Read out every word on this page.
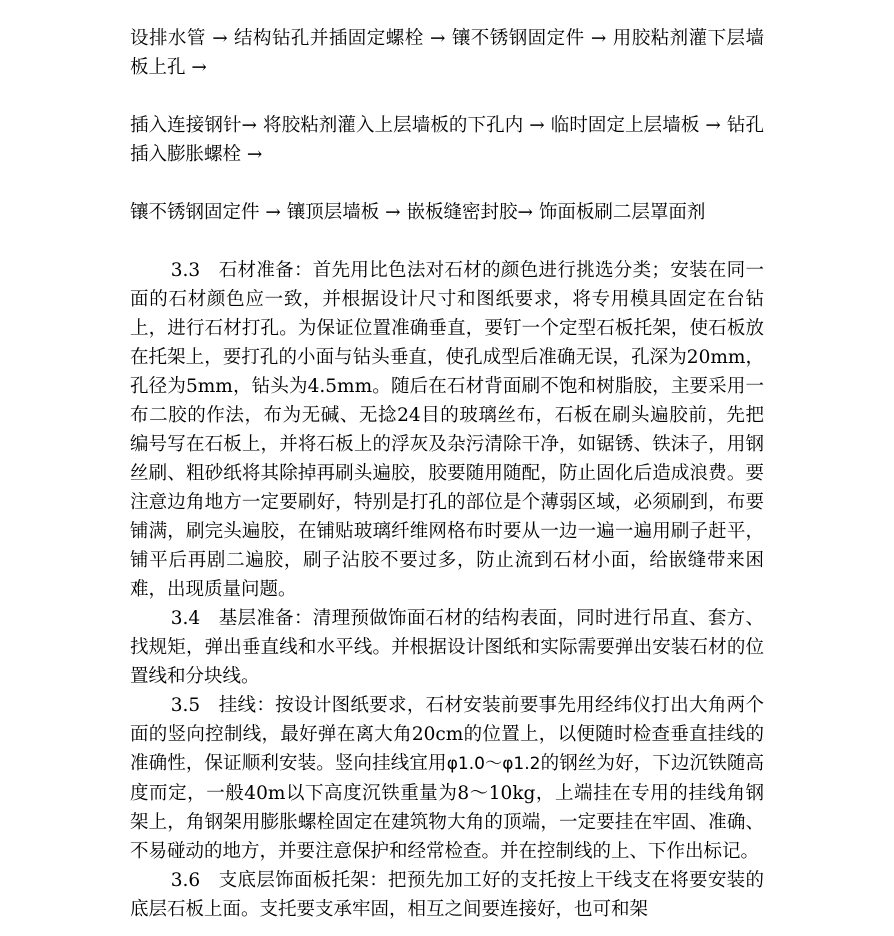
设排水管 → 结构钻孔并插固定螺栓 → 镶不锈钢固定件 → 用胶粘剂灌下层墙板上孔 →

插入连接钢针→ 将胶粘剂灌入上层墙板的下孔内 → 临时固定上层墙板 → 钻孔插入膨胀螺栓 →

镶不锈钢固定件 → 镶顶层墙板 → 嵌板缝密封胶→ 饰面板刷二层罩面剂

3.3 石材准备：首先用比色法对石材的颜色进行挑选分类；安装在同一面的石材颜色应一致，并根据设计尺寸和图纸要求，将专用模具固定在台钻上，进行石材打孔。为保证位置准确垂直，要钉一个定型石板托架，使石板放在托架上，要打孔的小面与钻头垂直，使孔成型后准确无误，孔深为20mm，孔径为5mm，钻头为4.5mm。随后在石材背面刷不饱和树脂胶，主要采用一布二胶的作法，布为无碱、无捻24目的玻璃丝布，石板在刷头遍胶前，先把编号写在石板上，并将石板上的浮灰及杂污清除干净，如锯锈、铁沫子，用钢丝刷、粗砂纸将其除掉再刷头遍胶，胶要随用随配，防止固化后造成浪费。要注意边角地方一定要刷好，特别是打孔的部位是个薄弱区域，必须刷到，布要铺满，刷完头遍胶，在铺贴玻璃纤维网格布时要从一边一遍一遍用刷子赶平，铺平后再剧二遍胶，刷子沾胶不要过多，防止流到石材小面，给嵌缝带来困难，出现质量问题。

3.4 基层准备：清理预做饰面石材的结构表面，同时进行吊直、套方、找规矩，弹出垂直线和水平线。并根据设计图纸和实际需要弹出安装石材的位置线和分块线。

3.5 挂线：按设计图纸要求，石材安装前要事先用经纬仪打出大角两个面的竖向控制线，最好弹在离大角20cm的位置上，以便随时检查垂直挂线的准确性，保证顺利安装。竖向挂线宜用φ1.0～φ1.2的钢丝为好，下边沉铁随高度而定，一般40m以下高度沉铁重量为8～10kg，上端挂在专用的挂线角钢架上，角钢架用膨胀螺栓固定在建筑物大角的顶端，一定要挂在牢固、准确、不易碰动的地方，并要注意保护和经常检查。并在控制线的上、下作出标记。

3.6 支底层饰面板托架：把预先加工好的支托按上干线支在将要安装的底层石板上面。支托要支承牢固，相互之间要连接好，也可和架
